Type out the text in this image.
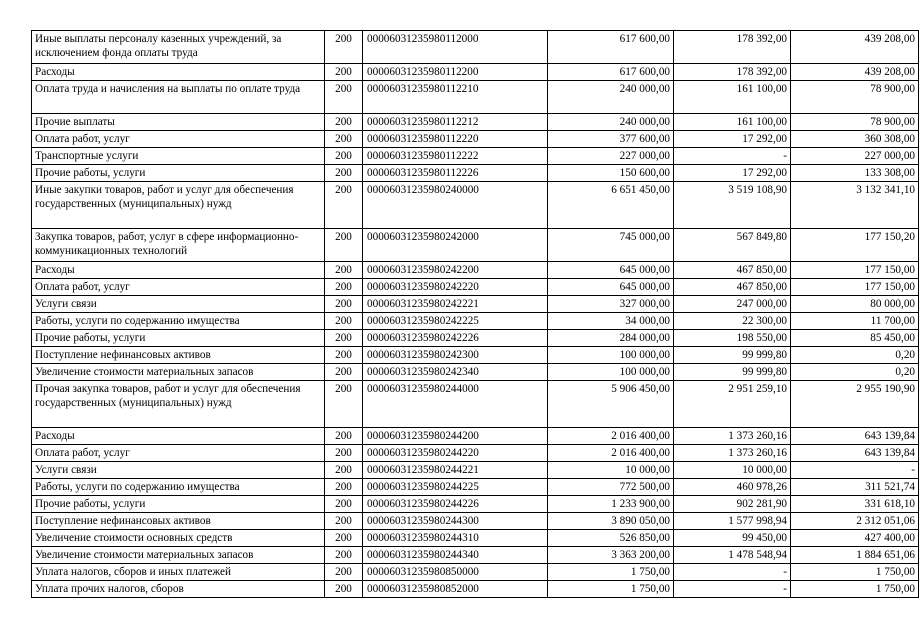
Иные выплаты персоналу казенных учреждений, за исключением фонда оплаты труда	200	00006031235980112000	617 600,00	178 392,00	439 208,00
Расходы	200	00006031235980112200	617 600,00	178 392,00	439 208,00
Оплата труда и начисления на выплаты по оплате труда	200	00006031235980112210	240 000,00	161 100,00	78 900,00
Прочие выплаты	200	00006031235980112212	240 000,00	161 100,00	78 900,00
Оплата работ, услуг	200	00006031235980112220	377 600,00	17 292,00	360 308,00
Транспортные услуги	200	00006031235980112222	227 000,00	-	227 000,00
Прочие работы, услуги	200	00006031235980112226	150 600,00	17 292,00	133 308,00
Иные закупки товаров, работ и услуг для обеспечения государственных (муниципальных) нужд	200	00006031235980240000	6 651 450,00	3 519 108,90	3 132 341,10
Закупка товаров, работ, услуг в сфере информационно-коммуникационных технологий	200	00006031235980242000	745 000,00	567 849,80	177 150,20
Расходы	200	00006031235980242200	645 000,00	467 850,00	177 150,00
Оплата работ, услуг	200	00006031235980242220	645 000,00	467 850,00	177 150,00
Услуги связи	200	00006031235980242221	327 000,00	247 000,00	80 000,00
Работы, услуги по содержанию имущества	200	00006031235980242225	34 000,00	22 300,00	11 700,00
Прочие работы, услуги	200	00006031235980242226	284 000,00	198 550,00	85 450,00
Поступление нефинансовых активов	200	00006031235980242300	100 000,00	99 999,80	0,20
Увеличение стоимости материальных запасов	200	00006031235980242340	100 000,00	99 999,80	0,20
Прочая закупка товаров, работ и услуг для обеспечения государственных (муниципальных) нужд	200	00006031235980244000	5 906 450,00	2 951 259,10	2 955 190,90
Расходы	200	00006031235980244200	2 016 400,00	1 373 260,16	643 139,84
Оплата работ, услуг	200	00006031235980244220	2 016 400,00	1 373 260,16	643 139,84
Услуги связи	200	00006031235980244221	10 000,00	10 000,00	-
Работы, услуги по содержанию имущества	200	00006031235980244225	772 500,00	460 978,26	311 521,74
Прочие работы, услуги	200	00006031235980244226	1 233 900,00	902 281,90	331 618,10
Поступление нефинансовых активов	200	00006031235980244300	3 890 050,00	1 577 998,94	2 312 051,06
Увеличение стоимости основных средств	200	00006031235980244310	526 850,00	99 450,00	427 400,00
Увеличение стоимости материальных запасов	200	00006031235980244340	3 363 200,00	1 478 548,94	1 884 651,06
Уплата налогов, сборов и иных платежей	200	00006031235980850000	1 750,00	-	1 750,00
Уплата прочих налогов, сборов	200	00006031235980852000	1 750,00	-	1 750,00
